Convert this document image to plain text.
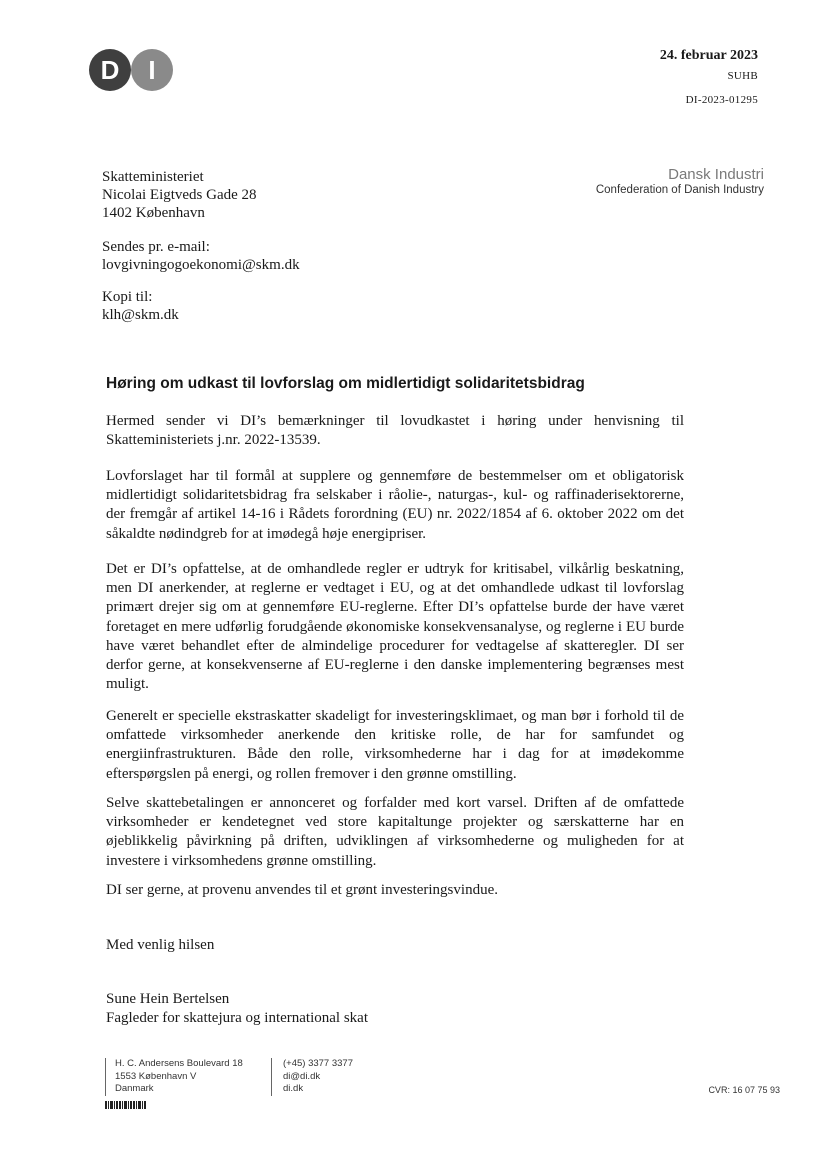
D	I	24. februar 2023
SUHB
DI-2023-01295
Dansk Industri
Confederation of Danish Industry
Skatteministeriet
Nicolai Eigtveds Gade 28
1402 København
Sendes pr. e-mail:
lovgivningogoekonomi@skm.dk
Kopi til:
klh@skm.dk
Høring om udkast til lovforslag om midlertidigt solidaritetsbidrag
Hermed sender vi DI’s bemærkninger til lovudkastet i høring under henvisning til Skatteministeriets j.nr. 2022-13539.
Lovforslaget har til formål at supplere og gennemføre de bestemmelser om et obligatorisk midlertidigt solidaritetsbidrag fra selskaber i råolie-, naturgas-, kul- og raffinaderisektorerne, der fremgår af artikel 14-16 i Rådets forordning (EU) nr. 2022/1854 af 6. oktober 2022 om det såkaldte nødindgreb for at imødegå høje energipriser.
Det er DI’s opfattelse, at de omhandlede regler er udtryk for kritisabel, vilkårlig beskatning, men DI anerkender, at reglerne er vedtaget i EU, og at det omhandlede udkast til lovforslag primært drejer sig om at gennemføre EU-reglerne. Efter DI’s opfattelse burde der have været foretaget en mere udførlig forudgående økonomiske konsekvensanalyse, og reglerne i EU burde have været behandlet efter de almindelige procedurer for vedtagelse af skatteregler. DI ser derfor gerne, at konsekvenserne af EU-reglerne i den danske implementering begrænses mest muligt.
Generelt er specielle ekstraskatter skadeligt for investeringsklimaet, og man bør i forhold til de omfattede virksomheder anerkende den kritiske rolle, de har for samfundet og energiinfrastrukturen. Både den rolle, virksomhederne har i dag for at imødekomme efterspørgslen på energi, og rollen fremover i den grønne omstilling.
Selve skattebetalingen er annonceret og forfalder med kort varsel. Driften af de omfattede virksomheder er kendetegnet ved store kapitaltunge projekter og særskatterne har en øjeblikkelig påvirkning på driften, udviklingen af virksomhederne og muligheden for at investere i virksomhedens grønne omstilling.
DI ser gerne, at provenu anvendes til et grønt investeringsvindue.
Med venlig hilsen
Sune Hein Bertelsen
Fagleder for skattejura og international skat
H. C. Andersens Boulevard 18
1553 København V
Danmark
(+45) 3377 3377
di@di.dk
di.dk	CVR: 16 07 75 93
